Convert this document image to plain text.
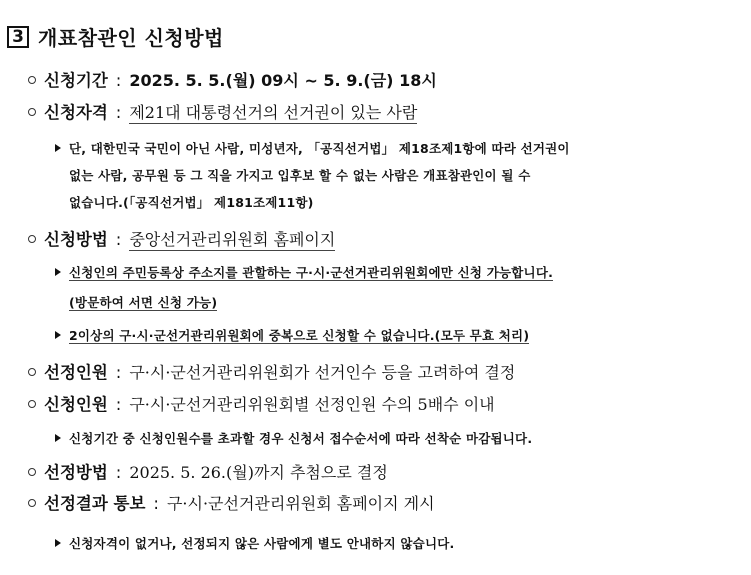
3 개표참관인 신청방법
신청기간 : 2025. 5. 5.(월) 09시 ~ 5. 9.(금) 18시
신청자격 : 제21대 대통령선거의 선거권이 있는 사람
단, 대한민국 국민이 아닌 사람, 미성년자, 「공직선거법」 제18조제1항에 따라 선거권이
없는 사람, 공무원 등 그 직을 가지고 입후보 할 수 없는 사람은 개표참관인이 될 수
없습니다.(「공직선거법」 제181조제11항)
신청방법 : 중앙선거관리위원회 홈페이지
신청인의 주민등록상 주소지를 관할하는 구·시·군선거관리위원회에만 신청 가능합니다.
(방문하여 서면 신청 가능)
2이상의 구·시·군선거관리위원회에 중복으로 신청할 수 없습니다.(모두 무효 처리)
선정인원 : 구·시·군선거관리위원회가 선거인수 등을 고려하여 결정
신청인원 : 구·시·군선거관리위원회별 선정인원 수의 5배수 이내
신청기간 중 신청인원수를 초과할 경우 신청서 접수순서에 따라 선착순 마감됩니다.
선정방법 : 2025. 5. 26.(월)까지 추첨으로 결정
선정결과 통보 : 구·시·군선거관리위원회 홈페이지 게시
신청자격이 없거나, 선정되지 않은 사람에게 별도 안내하지 않습니다.
